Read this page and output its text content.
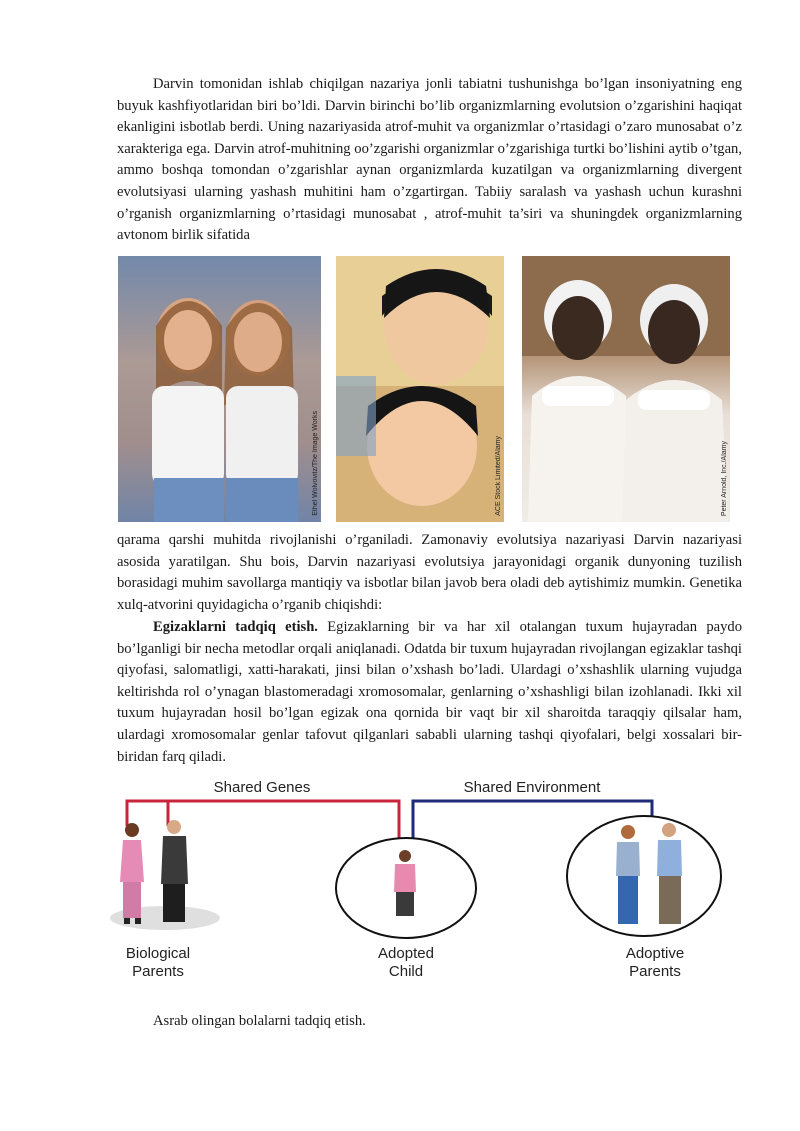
Darvin tomonidan ishlab chiqilgan nazariya jonli tabiatni tushunishga bo’lgan insoniyatning eng buyuk kashfiyotlaridan biri bo’ldi. Darvin birinchi bo’lib organizmlarning evolutsion o’zgarishini haqiqat ekanligini isbotlab berdi. Uning nazariyasida atrof-muhit va organizmlar o’rtasidagi o’zaro munosabat o’z xarakteriga ega. Darvin atrof-muhitning oo’zgarishi organizmlar o’zgarishiga turtki bo’lishini aytib o’tgan, ammo boshqa tomondan o’zgarishlar aynan organizmlarda kuzatilgan va organizmlarning divergent evolutsiyasi ularning yashash muhitini ham o’zgartirgan. Tabiiy saralash va yashash uchun kurashni o’rganish organizmlarning o’rtasidagi munosabat , atrof-muhit ta’siri va shuningdek organizmlarning avtonom birlik sifatida

Ethel Wolvovitz/The Image Works	ACE Stock Limited/Alamy	Peter Arnold, Inc./Alamy

qarama qarshi muhitda rivojlanishi o’rganiladi. Zamonaviy evolutsiya nazariyasi Darvin nazariyasi asosida yaratilgan. Shu bois, Darvin nazariyasi evolutsiya jarayonidagi organik dunyoning tuzilish borasidagi muhim savollarga mantiqiy va isbotlar bilan javob bera oladi deb aytishimiz mumkin. Genetika xulq-atvorini quyidagicha o’rganib chiqishdi:

Egizaklarni tadqiq etish. Egizaklarning bir va har xil otalangan tuxum hujayradan paydo bo’lganligi bir necha metodlar orqali aniqlanadi. Odatda bir tuxum hujayradan rivojlangan egizaklar tashqi qiyofasi, salomatligi, xatti-harakati, jinsi bilan o’xshash bo’ladi. Ulardagi o’xshashlik ularning vujudga keltirishda rol o’ynagan blastomeradagi xromosomalar, genlarning o’xshashligi bilan izohlanadi. Ikki xil tuxum hujayradan hosil bo’lgan egizak ona qornida bir vaqt bir xil sharoitda taraqqiy qilsalar ham, ulardagi xromosomalar genlar tafovut qilganlari sababli ularning tashqi qiyofalari, belgi xossalari bir-biridan farq qiladi.

Shared Genes	Shared Environment
Biological
Parents
Adopted
Child
Adoptive
Parents

Asrab olingan bolalarni tadqiq etish.
